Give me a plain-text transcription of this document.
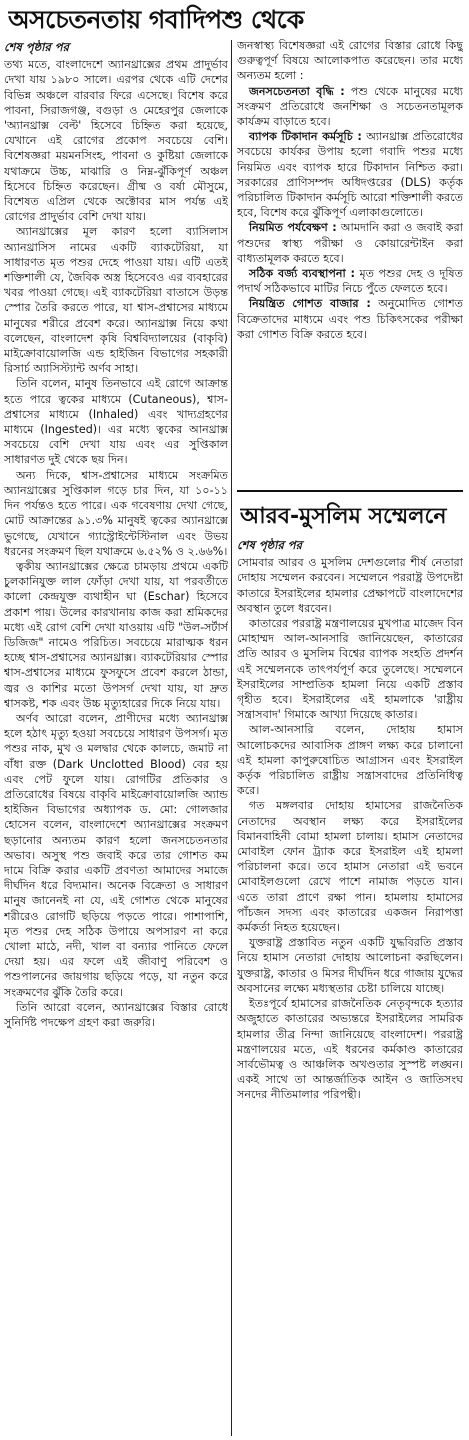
অসচেতনতায় গবাদিপশু থেকে

শেষ পৃষ্ঠার পর

তথ্য মতে, বাংলাদেশে অ্যানথ্রাক্সের প্রথম প্রাদুর্ভাব দেখা যায় ১৯৮০ সালে। এরপর থেকে এটি দেশের বিভিন্ন অঞ্চলে বারবার ফিরে এসেছে। বিশেষ করে পাবনা, সিরাজগঞ্জ, বগুড়া ও মেহেরপুর জেলাকে 'অ্যানথ্রাক্স বেল্ট' হিসেবে চিহ্নিত করা হয়েছে, যেখানে এই রোগের প্রকোপ সবচেয়ে বেশি। বিশেষজ্ঞরা ময়মনসিংহ, পাবনা ও কুষ্টিয়া জেলাকে যথাক্রমে উচ্চ, মাঝারি ও নিম্ন-ঝুঁকিপূর্ণ অঞ্চল হিসেবে চিহ্নিত করেছেন। গ্রীষ্ম ও বর্ষা মৌসুমে, বিশেষত এপ্রিল থেকে অক্টোবর মাস পর্যন্ত এই রোগের প্রাদুর্ভাব বেশি দেখা যায়।

অ্যানথ্রাক্সের মূল কারণ হলো ব্যাসিলাস অ্যানথ্রাসিস নামের একটি ব্যাকটেরিয়া, যা সাধারণত মৃত পশুর দেহে পাওয়া যায়। এটি এতই শক্তিশালী যে, জৈবিক অস্ত্র হিসেবেও এর ব্যবহারের খবর পাওয়া গেছে। এই ব্যাকটেরিয়া বাতাসে উড়ন্ত স্পোর তৈরি করতে পারে, যা শ্বাস-প্রশ্বাসের মাধ্যমে মানুষের শরীরে প্রবেশ করে। অ্যানথ্রাক্স নিয়ে কথা বলেছেন, বাংলাদেশ কৃষি বিশ্ববিদ্যালয়ের (বাকৃবি) মাইক্রোবায়োলজি এন্ড হাইজিন বিভাগের সহকারী রিসার্চ অ্যাসিস্ট্যান্ট অর্ণব সাহা।

তিনি বলেন, মানুষ তিনভাবে এই রোগে আক্রান্ত হতে পারে ত্বকের মাধ্যমে (Cutaneous), শ্বাস-প্রশ্বাসের মাধ্যমে (Inhaled) এবং খাদ্যগ্রহণের মাধ্যমে (Ingested)। এর মধ্যে ত্বকের আনথ্রাক্স সবচেয়ে বেশি দেখা যায় এবং এর সুপ্তিকাল সাধারণত দুই থেকে ছয় দিন।

অন্য দিকে, শ্বাস-প্রশ্বাসের মাধ্যমে সংক্রমিত অ্যানথ্রাক্সের সুপ্তিকাল গড়ে চার দিন, যা ১০-১১ দিন পর্যন্তও হতে পারে। এক গবেষণায় দেখা গেছে, মোট আক্রান্তের ৯১.৩% মানুষই ত্বকের অ্যানথ্রাক্সে ভুগেছে, যেখানে গ্যাস্ট্রোইন্টেস্টিনাল এবং উভয় ধরনের সংক্রমণ ছিল যথাক্রমে ৬.৫২% ও ২.৬৬%।

ত্বকীয় অ্যানথ্রাক্সের ক্ষেত্রে চামড়ায় প্রথমে একটি চুলকানিযুক্ত লাল ফোঁড়া দেখা যায়, যা পরবর্তীতে কালো কেন্দ্রযুক্ত ব্যথাহীন ঘা (Eschar) হিসেবে প্রকাশ পায়। উলের কারখানায় কাজ করা শ্রমিকদের মধ্যে এই রোগ বেশি দেখা যাওয়ায় এটি "উল-সর্টার্স ডিজিজ" নামেও পরিচিত। সবচেয়ে মারাত্মক ধরন হচ্ছে শ্বাস-প্রশ্বাসের অ্যানথ্রাক্স। ব্যাকটেরিয়ার স্পোর শ্বাস-প্রশ্বাসের মাধ্যমে ফুসফুসে প্রবেশ করলে ঠান্ডা, জ্বর ও কাশির মতো উপসর্গ দেখা যায়, যা দ্রুত শ্বাসকষ্ট, শক এবং উচ্চ মৃত্যুহারের দিকে নিয়ে যায়।

অর্ণব আরো বলেন, প্রাণীদের মধ্যে অ্যানথ্রাক্স হলে হঠাৎ মৃত্যু হওয়া সবচেয়ে সাধারণ উপসর্গ। মৃত পশুর নাক, মুখ ও মলদ্বার থেকে কালচে, জমাট না বাঁধা রক্ত (Dark Unclotted Blood) বের হয় এবং পেট ফুলে যায়। রোগটির প্রতিকার ও প্রতিরোধের বিষয়ে বাকৃবি মাইক্রোবায়োলজি অ্যান্ড হাইজিন বিভাগের অধ্যাপক ড. মো: গোলজার হোসেন বলেন, বাংলাদেশে অ্যানথ্রাক্সের সংক্রমণ ছড়ানোর অন্যতম কারণ হলো জনসচেতনতার অভাব। অসুস্থ পশু জবাই করে তার গোশত কম দামে বিক্রি করার একটি প্রবণতা আমাদের সমাজে দীর্ঘদিন ধরে বিদ্যমান। অনেক বিক্রেতা ও সাধারণ মানুষ জানেনই না যে, এই গোশত থেকে মানুষের শরীরেও রোগটি ছড়িয়ে পড়তে পারে। পাশাপাশি, মৃত পশুর দেহ সঠিক উপায়ে অপসারণ না করে খোলা মাঠে, নদী, খাল বা বন্যার পানিতে ফেলে দেয়া হয়। এর ফলে এই জীবাণু পরিবেশ ও পশুপালনের জায়গায় ছড়িয়ে পড়ে, যা নতুন করে সংক্রমণের ঝুঁকি তৈরি করে।

তিনি আরো বলেন, অ্যানথ্রাক্সের বিস্তার রোধে সুনির্দিষ্ট পদক্ষেপ গ্রহণ করা জরুরি।

জনস্বাস্থ্য বিশেষজ্ঞরা এই রোগের বিস্তার রোধে কিছু গুরুত্বপূর্ণ বিষয়ে আলোকপাত করেছেন। তার মধ্যে অন্যতম হলো :

জনসচেতনতা বৃদ্ধি : পশু থেকে মানুষের মধ্যে সংক্রমণ প্রতিরোধে জনশিক্ষা ও সচেতনতামূলক কার্যক্রম বাড়াতে হবে।

ব্যাপক টিকাদান কর্মসূচি : অ্যানথ্রাক্স প্রতিরোধের সবচেয়ে কার্যকর উপায় হলো গবাদি পশুর মধ্যে নিয়মিত এবং ব্যাপক হারে টিকাদান নিশ্চিত করা। সরকারের প্রাণিসম্পদ অধিদপ্তরের (DLS) কর্তৃক পরিচালিত টিকাদান কর্মসূচি আরো শক্তিশালী করতে হবে, বিশেষ করে ঝুঁকিপূর্ণ এলাকাগুলোতে।

নিয়মিত পর্যবেক্ষণ : আমদানি করা ও জবাই করা পশুদের স্বাস্থ্য পরীক্ষা ও কোয়ারেন্টাইন করা বাধ্যতামূলক করতে হবে।

সঠিক বর্জ্য ব্যবস্থাপনা : মৃত পশুর দেহ ও দূষিত পদার্থ সঠিকভাবে মাটির নিচে পুঁতে ফেলতে হবে।

নিয়ন্ত্রিত গোশত বাজার : অনুমোদিত গোশত বিক্রেতাদের মাধ্যমে এবং পশু চিকিৎসকের পরীক্ষা করা গোশত বিক্রি করতে হবে।

আরব-মুসলিম সম্মেলনে

শেষ পৃষ্ঠার পর

সোমবার আরব ও মুসলিম দেশগুলোর শীর্ষ নেতারা দোহায় সম্মেলন করবেন। সম্মেলনে পররাষ্ট্র উপদেষ্টা কাতারে ইসরাইলের হামলার প্রেক্ষাপটে বাংলাদেশের অবস্থান তুলে ধরবেন।

কাতারের পররাষ্ট্র মন্ত্রণালয়ের মুখপাত্র মাজেদ বিন মোহাম্মদ আল-আনসারি জানিয়েছেন, কাতারের প্রতি আরব ও মুসলিম বিশ্বের ব্যাপক সংহতি প্রদর্শন এই সম্মেলনকে তাৎপর্যপূর্ণ করে তুলেছে। সম্মেলনে ইসরাইলের সাম্প্রতিক হামলা নিয়ে একটি প্রস্তাব গৃহীত হবে। ইসরাইলের এই হামলাকে 'রাষ্ট্রীয় সন্ত্রাসবাদ' গিমাকে আখ্যা দিয়েছে কাতার।

আল-আনসারি বলেন, দোহায় হামাস আলোচকদের আবাসিক প্রাঙ্গণ লক্ষ্য করে চালানো এই হামলা কাপুরুষোচিত আগ্রাসন এবং ইসরাইল কর্তৃক পরিচালিত রাষ্ট্রীয় সন্ত্রাসবাদের প্রতিনিধিত্ব করে।

গত মঙ্গলবার দোহায় হামাসের রাজনৈতিক নেতাদের অবস্থান লক্ষ্য করে ইসরাইলের বিমানবাহিনী বোমা হামলা চালায়। হামাস নেতাদের মোবাইল ফোন ট্র্যাক করে ইসরাইল এই হামলা পরিচালনা করে। তবে হামাস নেতারা এই ভবনে মোবাইলগুলো রেখে পাশে নামাজ পড়তে যান। এতে তারা প্রাণে রক্ষা পান। হামলায় হামাসের পাঁচজন সদস্য এবং কাতারের একজন নিরাপত্তা কর্মকর্তা নিহত হয়েছেন।

যুক্তরাষ্ট্র প্রস্তাবিত নতুন একটি যুদ্ধবিরতি প্রস্তাব নিয়ে হামাস নেতারা দোহায় আলোচনা করছিলেন। যুক্তরাষ্ট্র, কাতার ও মিসর দীর্ঘদিন ধরে গাজায় যুদ্ধের অবসানের লক্ষ্যে মধ্যস্থতার চেষ্টা চালিয়ে যাচ্ছে।

ইতঃপূর্বে হামাসের রাজনৈতিক নেতৃবৃন্দকে হত্যার অজুহাতে কাতারের অভ্যন্তরে ইসরাইলের সামরিক হামলার তীব্র নিন্দা জানিয়েছে বাংলাদেশ। পররাষ্ট্র মন্ত্রণালয়ের মতে, এই ধরনের কর্মকাণ্ড কাতারের সার্বভৌমত্ব ও আঞ্চলিক অখণ্ডতার সুস্পষ্ট লঙ্ঘন। একই সাথে তা আন্তর্জাতিক আইন ও জাতিসংঘ সনদের নীতিমালার পরিপন্থী।
